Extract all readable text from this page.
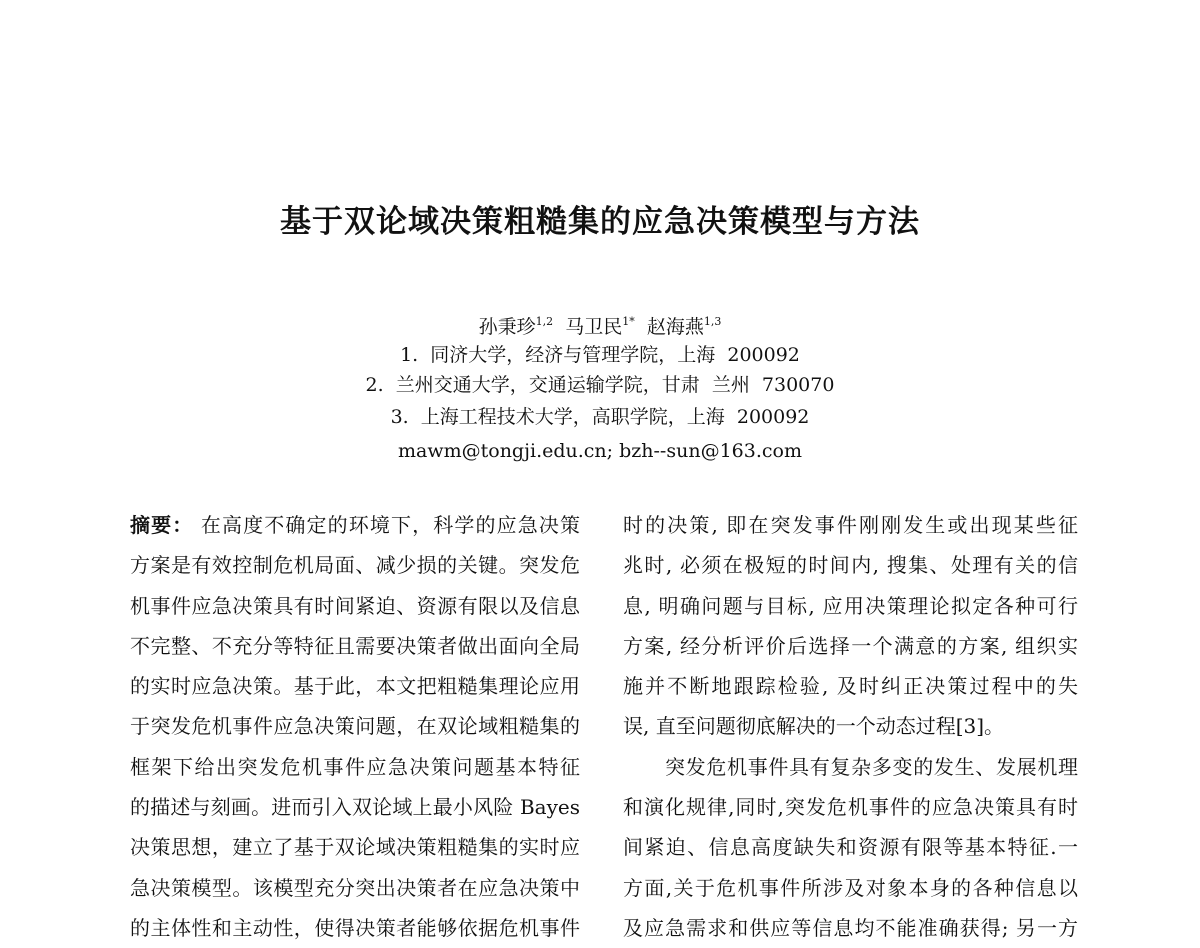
基于双论域决策粗糙集的应急决策模型与方法
孙秉珍$^{1,2}$ 马卫民$^{1*}$ 赵海燕$^{1,3}$
1.  同济大学，经济与管理学院，上海  200092
2.  兰州交通大学，交通运输学院，甘肃  兰州  730070
3.  上海工程技术大学，高职学院，上海  200092
mawm@tongji.edu.cn; bzh--sun@163.com
摘要： 在高度不确定的环境下，科学的应急决策
方案是有效控制危机局面、减少损的关键。突发危
机事件应急决策具有时间紧迫、资源有限以及信息
不完整、不充分等特征且需要决策者做出面向全局
的实时应急决策。基于此，本文把粗糙集理论应用
于突发危机事件应急决策问题，在双论域粗糙集的
框架下给出突发危机事件应急决策问题基本特征
的描述与刻画。进而引入双论域上最小风险 Bayes
决策思想，建立了基于双论域决策粗糙集的实时应
急决策模型。该模型充分突出决策者在应急决策中
的主体性和主动性，使得决策者能够依据危机事件
时的决策, 即在突发事件刚刚发生或出现某些征
兆时, 必须在极短的时间内, 搜集、处理有关的信
息, 明确问题与目标, 应用决策理论拟定各种可行
方案, 经分析评价后选择一个满意的方案, 组织实
施并不断地跟踪检验, 及时纠正决策过程中的失
误, 直至问题彻底解决的一个动态过程[3]。
突发危机事件具有复杂多变的发生、发展机理
和演化规律,同时,突发危机事件的应急决策具有时
间紧迫、信息高度缺失和资源有限等基本特征.一
方面,关于危机事件所涉及对象本身的各种信息以
及应急需求和供应等信息均不能准确获得; 另一方
